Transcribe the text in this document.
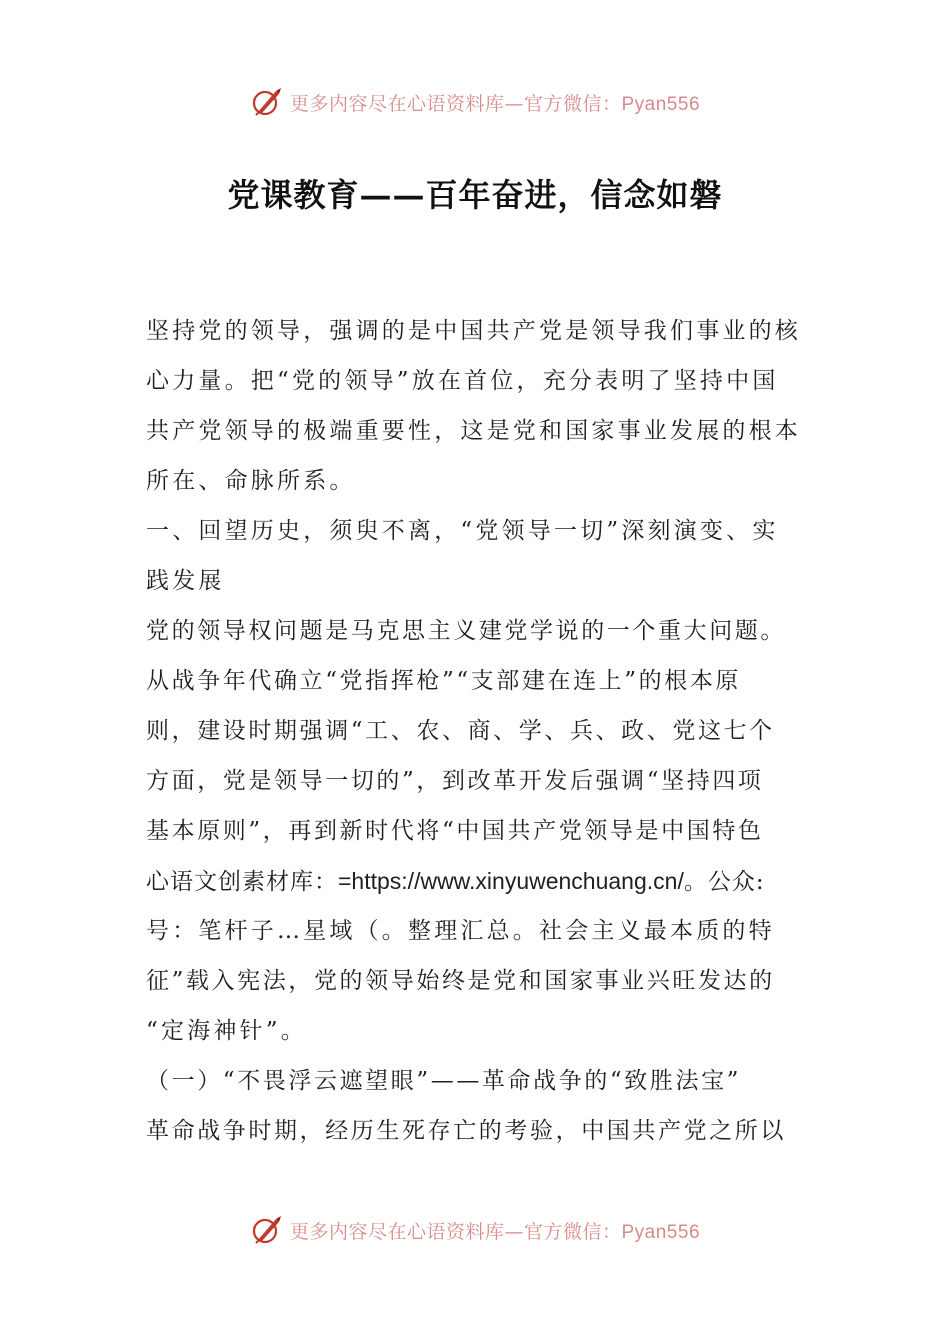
更多内容尽在心语资料库—官方微信：Pyan556
党课教育——百年奋进，信念如磐
坚持党的领导，强调的是中国共产党是领导我们事业的核
心力量。把“党的领导”放在首位，充分表明了坚持中国
共产党领导的极端重要性，这是党和国家事业发展的根本
所在、命脉所系。
一、回望历史，须臾不离，“党领导一切”深刻演变、实
践发展
党的领导权问题是马克思主义建党学说的一个重大问题。
从战争年代确立“党指挥枪”“支部建在连上”的根本原
则，建设时期强调“工、农、商、学、兵、政、党这七个
方面，党是领导一切的”，到改革开发后强调“坚持四项
基本原则”，再到新时代将“中国共产党领导是中国特色
心语文创素材库：=https://www.xinyuwenchuang.cn/。公众:
号：笔杆子…星域（。整理汇总。社会主义最本质的特
征”载入宪法，党的领导始终是党和国家事业兴旺发达的
“定海神针”。
（一）“不畏浮云遮望眼”——革命战争的“致胜法宝”
革命战争时期，经历生死存亡的考验，中国共产党之所以
更多内容尽在心语资料库—官方微信：Pyan556
